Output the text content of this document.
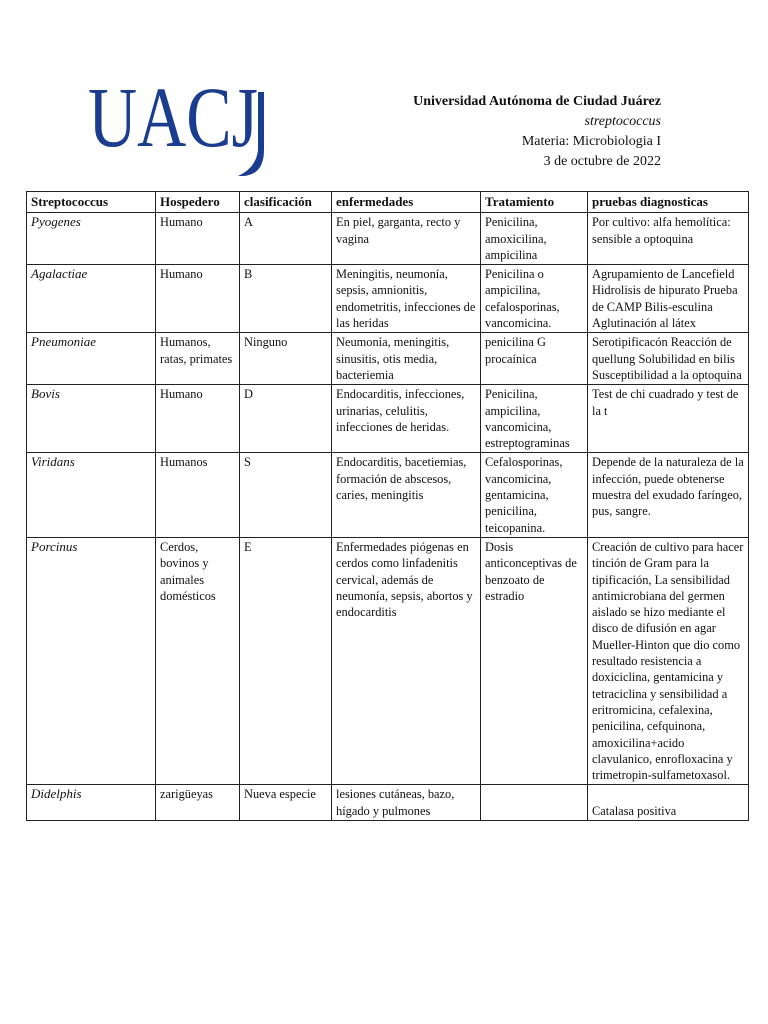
UACJ	Universidad Autónoma de Ciudad Juárez
streptococcus
Materia: Microbiologia I
3 de octubre de 2022
Streptococcus	Hospedero	clasificación	enfermedades	Tratamiento	pruebas diagnosticas
Pyogenes	Humano	A	En piel, garganta, recto y vagina	Penicilina, amoxicilina, ampicilina	Por cultivo: alfa hemolítica: sensible a optoquina
Agalactiae	Humano	B	Meningitis, neumonía, sepsis, amnionitis, endometritis, infecciones de las heridas	Penicilina o ampicilina, cefalosporinas, vancomicina.	Agrupamiento de Lancefield Hidrolisis de hipurato Prueba de CAMP Bilis-esculina Aglutinación al látex
Pneumoniae	Humanos, ratas, primates	Ninguno	Neumonía, meningitis, sinusitis, otis media, bacteriemia	penicilina G procaínica	Serotipificacón Reacción de quellung Solubilidad en bilis Susceptibilidad a la optoquina
Bovis	Humano	D	Endocarditis, infecciones, urinarias, celulitis, infecciones de heridas.	Penicilina, ampicilina, vancomicina, estreptograminas	Test de chi cuadrado y test de la t
Viridans	Humanos	S	Endocarditis, bacetiemias, formación de abscesos, caries, meningitis	Cefalosporinas, vancomicina, gentamicina, penicilina, teicopanina.	Depende de la naturaleza de la infección, puede obtenerse muestra del exudado faríngeo, pus, sangre.
Porcinus	Cerdos, bovinos y animales domésticos	E	Enfermedades piógenas en cerdos como linfadenitis cervical, además de neumonía, sepsis, abortos y endocarditis	Dosis anticonceptivas de benzoato de estradio	Creación de cultivo para hacer tinción de Gram para la tipificación, La sensibilidad antimicrobiana del germen aislado se hizo mediante el disco de difusión en agar Mueller-Hinton que dio como resultado resistencia a doxiciclina, gentamicina y tetraciclina y sensibilidad a eritromicina, cefalexina, penicilina, cefquinona, amoxicilina+acido clavulanico, enrofloxacina y trimetropin-sulfametoxasol.
Didelphis	zarigüeyas	Nueva especie	lesiones cutáneas, bazo, hígado y pulmones		Catalasa positiva
